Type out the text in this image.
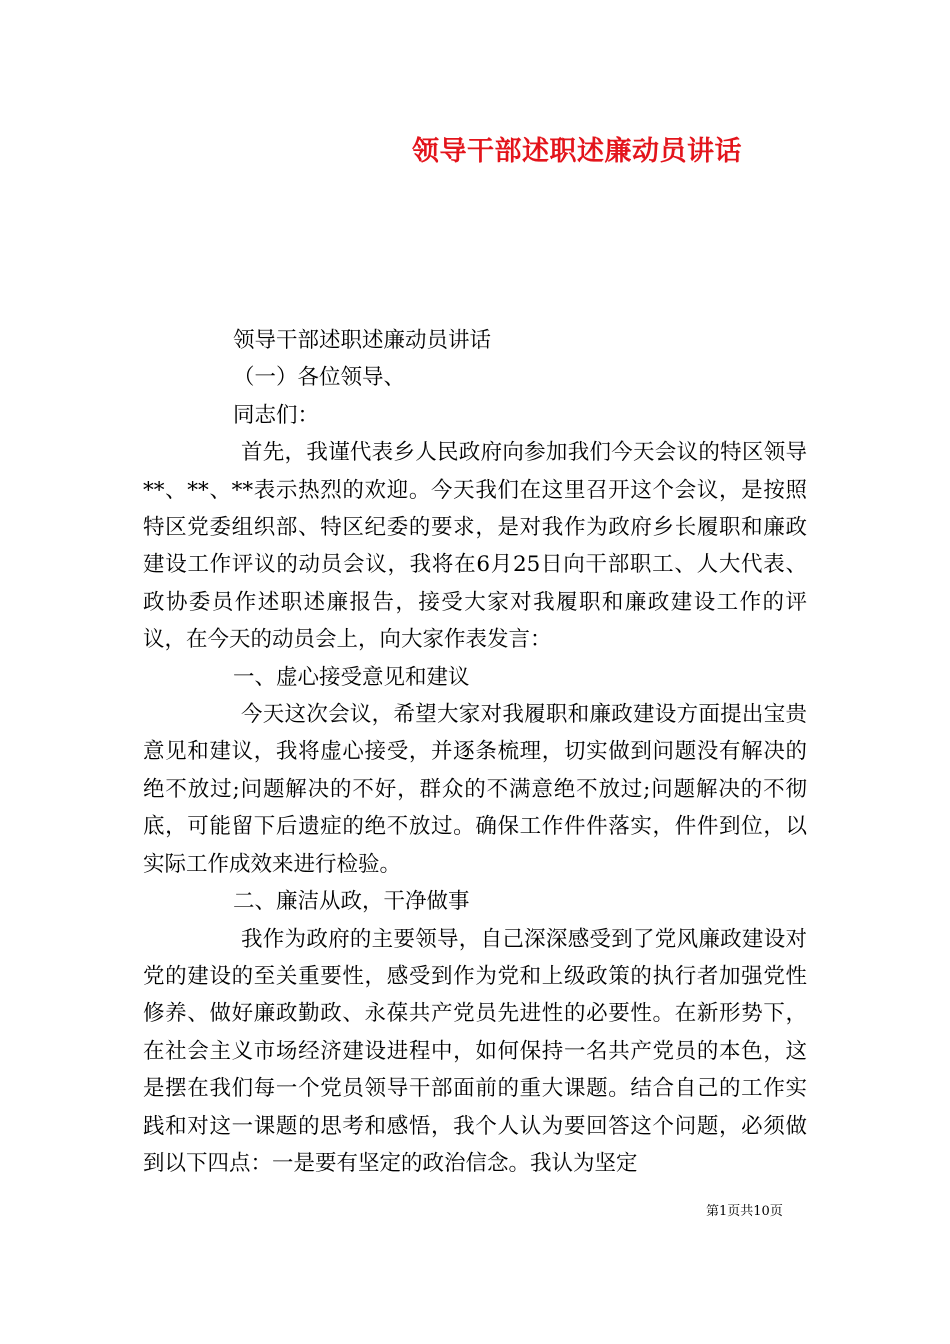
领导干部述职述廉动员讲话

领导干部述职述廉动员讲话

（一）各位领导、

同志们：

首先，我谨代表乡人民政府向参加我们今天会议的特区领导**、**、**表示热烈的欢迎。今天我们在这里召开这个会议，是按照特区党委组织部、特区纪委的要求，是对我作为政府乡长履职和廉政建设工作评议的动员会议，我将在6月25日向干部职工、人大代表、政协委员作述职述廉报告，接受大家对我履职和廉政建设工作的评议，在今天的动员会上，向大家作表发言：

一、虚心接受意见和建议

今天这次会议，希望大家对我履职和廉政建设方面提出宝贵意见和建议，我将虚心接受，并逐条梳理，切实做到问题没有解决的绝不放过;问题解决的不好，群众的不满意绝不放过;问题解决的不彻底，可能留下后遗症的绝不放过。确保工作件件落实，件件到位，以实际工作成效来进行检验。

二、廉洁从政，干净做事

我作为政府的主要领导，自己深深感受到了党风廉政建设对党的建设的至关重要性，感受到作为党和上级政策的执行者加强党性修养、做好廉政勤政、永葆共产党员先进性的必要性。在新形势下，在社会主义市场经济建设进程中，如何保持一名共产党员的本色，这是摆在我们每一个党员领导干部面前的重大课题。结合自己的工作实践和对这一课题的思考和感悟，我个人认为要回答这个问题，必须做到以下四点：一是要有坚定的政治信念。我认为坚定

第1页共10页
